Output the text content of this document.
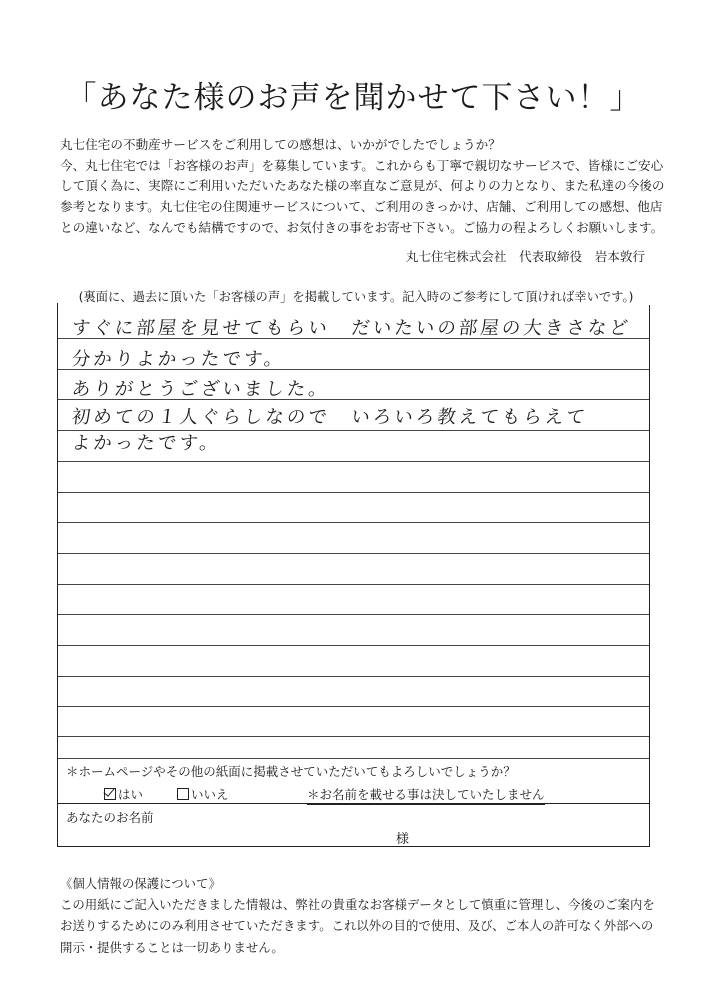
「あなた様のお声を聞かせて下さい！」
丸七住宅の不動産サービスをご利用しての感想は、いかがでしたでしょうか？
今、丸七住宅では「お客様のお声」を募集しています。これからも丁寧で親切なサービスで、皆様にご安心
して頂く為に、実際にご利用いただいたあなた様の率直なご意見が、何よりの力となり、また私達の今後の
参考となります。丸七住宅の住関連サービスについて、ご利用のきっかけ、店舗、ご利用しての感想、他店
との違いなど、なんでも結構ですので、お気付きの事をお寄せ下さい。ご協力の程よろしくお願いします。
丸七住宅株式会社　代表取締役　岩本敦行
すぐに部屋を見せてもらい　だいたいの部屋の大きさなど
分かりよかったです。
ありがとうございました。
初めての１人ぐらしなので　いろいろ教えてもらえて
よかったです。
＊ホームページやその他の紙面に掲載させていただいてもよろしいでしょうか？
はい	いいえ	＊お名前を載せる事は決していたしません
あなたのお名前
様
(裏面に、過去に頂いた「お客様の声」を掲載しています。記入時のご参考にして頂ければ幸いです。)
《個人情報の保護について》
この用紙にご記入いただきました情報は、弊社の貴重なお客様データとして慎重に管理し、今後のご案内を
お送りするためにのみ利用させていただきます。これ以外の目的で使用、及び、ご本人の許可なく外部への
開示・提供することは一切ありません。
